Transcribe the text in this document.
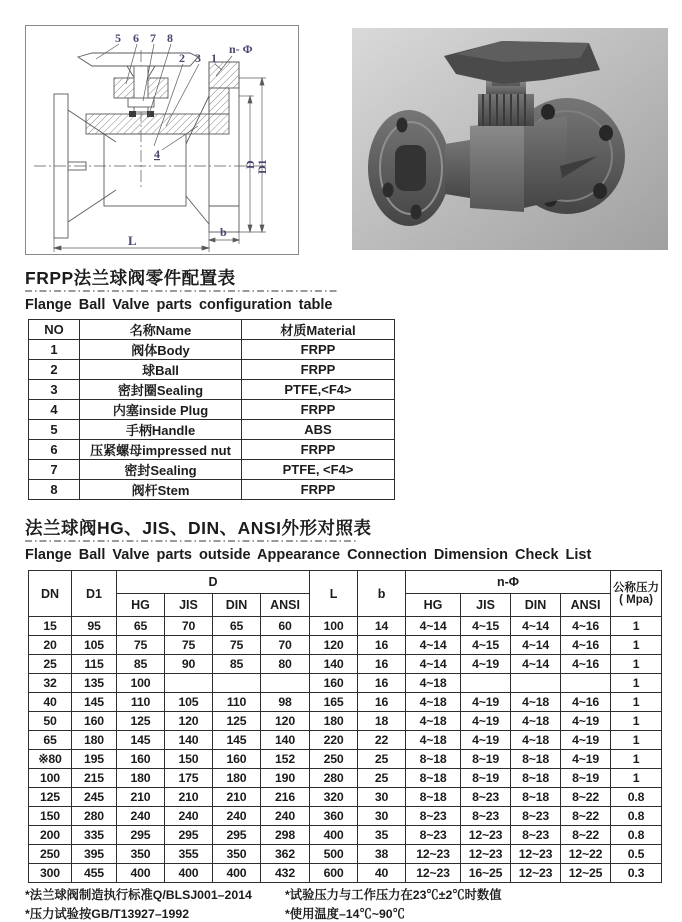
5 6 7 8
2 3 1
n- Φ
4
D
D1
L
b
FRPP法兰球阀零件配置表
Flange Ball Valve parts configuration table
NO	名称Name	材质Material
1	阀体Body	FRPP
2	球Ball	FRPP
3	密封圈Sealing	PTFE,<F4>
4	内塞inside Plug	FRPP
5	手柄Handle	ABS
6	压紧螺母impressed nut	FRPP
7	密封Sealing	PTFE, <F4>
8	阀杆Stem	FRPP
法兰球阀HG、JIS、DIN、ANSI外形对照表
Flange Ball Valve parts outside Appearance Connection Dimension Check List
DN	D1	D				L	b	n-Φ				公称压力
( Mpa)

		HG	JIS	DIN	ANSI			HG	JIS	DIN	ANSI	
15	95	65	70	65	60	100	14	4~14	4~15	4~14	4~16	1
20	105	75	75	75	70	120	16	4~14	4~15	4~14	4~16	1
25	115	85	90	85	80	140	16	4~14	4~19	4~14	4~16	1
32	135	100				160	16	4~18				1
40	145	110	105	110	98	165	16	4~18	4~19	4~18	4~16	1
50	160	125	120	125	120	180	18	4~18	4~19	4~18	4~19	1
65	180	145	140	145	140	220	22	4~18	4~19	4~18	4~19	1
※80	195	160	150	160	152	250	25	8~18	8~19	8~18	4~19	1
100	215	180	175	180	190	280	25	8~18	8~19	8~18	8~19	1
125	245	210	210	210	216	320	30	8~18	8~23	8~18	8~22	0.8
150	280	240	240	240	240	360	30	8~23	8~23	8~23	8~22	0.8
200	335	295	295	295	298	400	35	8~23	12~23	8~23	8~22	0.8
250	395	350	355	350	362	500	38	12~23	12~23	12~23	12~22	0.5
300	455	400	400	400	432	600	40	12~23	16~25	12~23	12~25	0.3
*法兰球阀制造执行标准Q/BLSJ001–2014	*试验压力与工作压力在23℃±2℃时数值
*压力试验按GB/T13927–1992	*使用温度–14℃~90℃
